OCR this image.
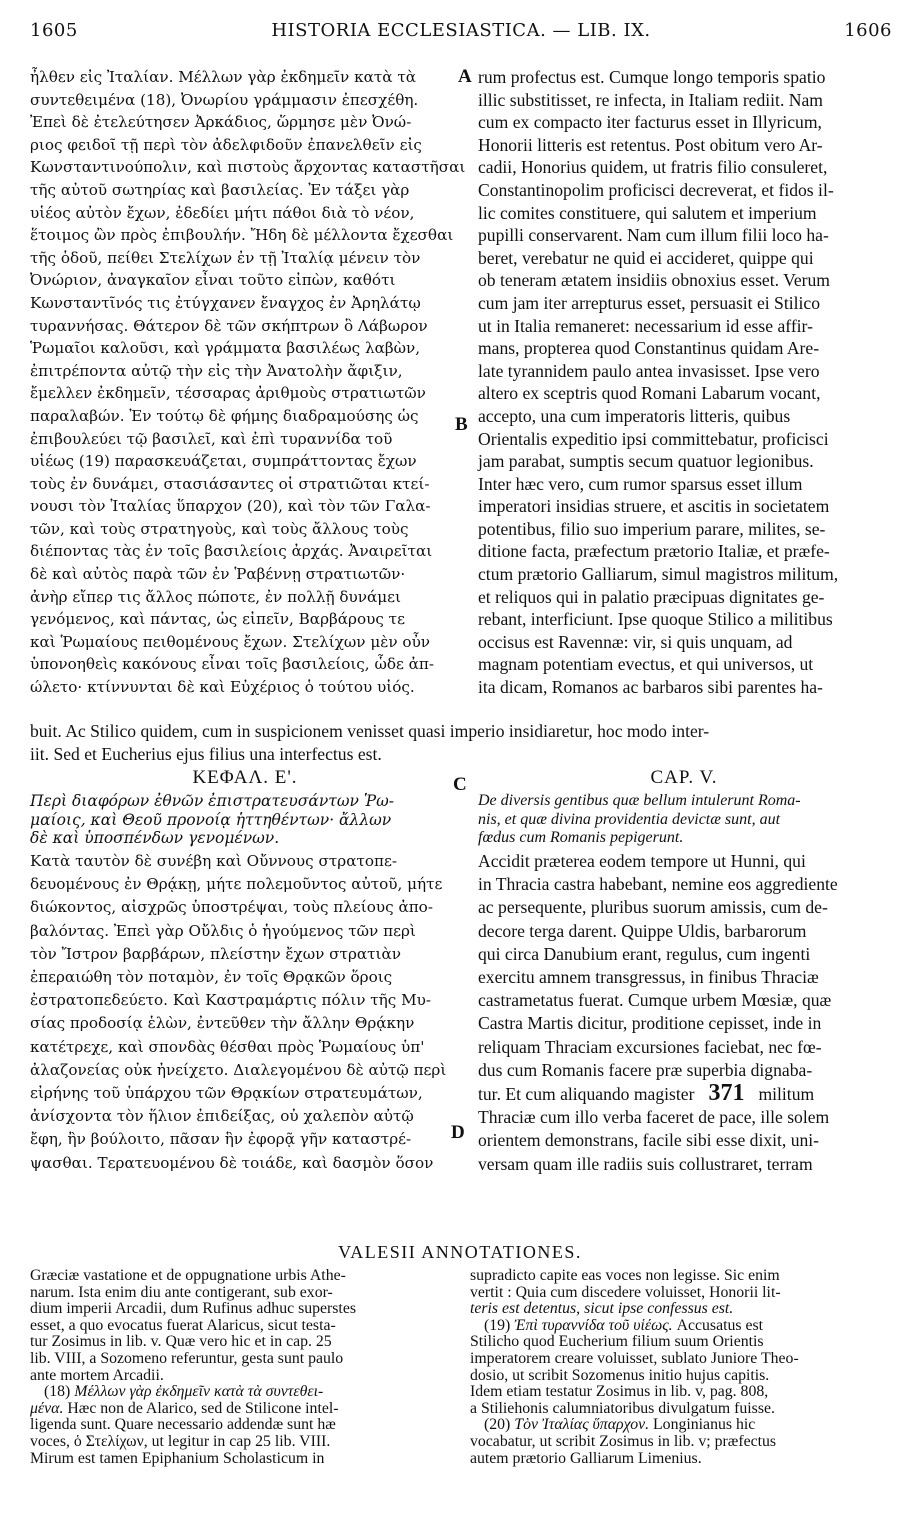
1605	HISTORIA ECCLESIASTICA. — LIB. IX.	1606
ἦλθεν εἰς Ἰταλίαν. Μέλλων γὰρ ἐκδημεῖν κατὰ τὰ
συντεθειμένα (18), Ὀνωρίου γράμμασιν ἐπεσχέθη.
Ἐπεὶ δὲ ἐτελεύτησεν Ἀρκάδιος, ὥρμησε μὲν Ὀνώ-
ριος φειδοῖ τῇ περὶ τὸν ἀδελφιδοῦν ἐπανελθεῖν εἰς
Κωνσταντινούπολιν, καὶ πιστοὺς ἄρχοντας καταστῆσαι
τῆς αὐτοῦ σωτηρίας καὶ βασιλείας. Ἐν τάξει γὰρ
υἱέος αὐτὸν ἔχων, ἐδεδίει μήτι πάθοι διὰ τὸ νέον,
ἕτοιμος ὢν πρὸς ἐπιβουλήν. Ἤδη δὲ μέλλοντα ἔχεσθαι
τῆς ὁδοῦ, πείθει Στελίχων ἐν τῇ Ἰταλίᾳ μένειν τὸν
Ὀνώριον, ἀναγκαῖον εἶναι τοῦτο εἰπὼν, καθότι
Κωνσταντῖνός τις ἐτύγχανεν ἔναγχος ἐν Ἀρηλάτῳ
τυραννήσας. Θάτερον δὲ τῶν σκήπτρων ὃ Λάβωρον
Ῥωμαῖοι καλοῦσι, καὶ γράμματα βασιλέως λαβὼν,
ἐπιτρέποντα αὐτῷ τὴν εἰς τὴν Ἀνατολὴν ἄφιξιν,
ἔμελλεν ἐκδημεῖν, τέσσαρας ἀριθμοὺς στρατιωτῶν
παραλαβών. Ἐν τούτῳ δὲ φήμης διαδραμούσης ὡς
ἐπιβουλεύει τῷ βασιλεῖ, καὶ ἐπὶ τυραννίδα τοῦ
υἱέως (19) παρασκευάζεται, συμπράττοντας ἔχων
τοὺς ἐν δυνάμει, στασιάσαντες οἱ στρατιῶται κτεί-
νουσι τὸν Ἰταλίας ὕπαρχον (20), καὶ τὸν τῶν Γαλα-
τῶν, καὶ τοὺς στρατηγοὺς, καὶ τοὺς ἄλλους τοὺς
διέποντας τὰς ἐν τοῖς βασιλείοις ἀρχάς. Ἀναιρεῖται
δὲ καὶ αὐτὸς παρὰ τῶν ἐν Ῥαβέννῃ στρατιωτῶν·
ἀνὴρ εἴπερ τις ἄλλος πώποτε, ἐν πολλῇ δυνάμει
γενόμενος, καὶ πάντας, ὡς εἰπεῖν, Βαρβάρους τε
καὶ Ῥωμαίους πειθομένους ἔχων. Στελίχων μὲν οὖν
ὑπονοηθεὶς κακόνους εἶναι τοῖς βασιλείοις, ὧδε ἀπ-
ώλετο· κτίννυνται δὲ καὶ Εὐχέριος ὁ τούτου υἱός.
rum profectus est. Cumque longo temporis spatio
illic substitisset, re infecta, in Italiam rediit. Nam
cum ex compacto iter facturus esset in Illyricum,
Honorii litteris est retentus. Post obitum vero Ar-
cadii, Honorius quidem, ut fratris filio consuleret,
Constantinopolim proficisci decreverat, et fidos il-
lic comites constituere, qui salutem et imperium
pupilli conservarent. Nam cum illum filii loco ha-
beret, verebatur ne quid ei accideret, quippe qui
ob teneram ætatem insidiis obnoxius esset. Verum
cum jam iter arrepturus esset, persuasit ei Stilico
ut in Italia remaneret: necessarium id esse affir-
mans, propterea quod Constantinus quidam Are-
late tyrannidem paulo antea invasisset. Ipse vero
altero ex sceptris quod Romani Labarum vocant,
accepto, una cum imperatoris litteris, quibus
Orientalis expeditio ipsi committebatur, proficisci
jam parabat, sumptis secum quatuor legionibus.
Inter hæc vero, cum rumor sparsus esset illum
imperatori insidias struere, et ascitis in societatem
potentibus, filio suo imperium parare, milites, se-
ditione facta, præfectum prætorio Italiæ, et præfe-
ctum prætorio Galliarum, simul magistros militum,
et reliquos qui in palatio præcipuas dignitates ge-
rebant, interficiunt. Ipse quoque Stilico a militibus
occisus est Ravennæ: vir, si quis unquam, ad
magnam potentiam evectus, et qui universos, ut
ita dicam, Romanos ac barbaros sibi parentes ha-
A
B
C
D
buit. Ac Stilico quidem, cum in suspicionem venisset quasi imperio insidiaretur, hoc modo inter-
iit. Sed et Eucherius ejus filius una interfectus est.
ΚΕΦΑΛ. Ε'.	CAP. V.
Περὶ διαφόρων ἐθνῶν ἐπιστρατευσάντων Ῥω-
μαίοις, καὶ Θεοῦ προνοίᾳ ἡττηθέντων· ἄλλων
δὲ καὶ ὑποσπένδων γενομένων.
De diversis gentibus quæ bellum intulerunt Roma-
nis, et quæ divina providentia devictæ sunt, aut
fœdus cum Romanis pepigerunt.
Κατὰ ταυτὸν δὲ συνέβη καὶ Οὔννους στρατοπε-
δευομένους ἐν Θρᾴκῃ, μήτε πολεμοῦντος αὐτοῦ, μήτε
διώκοντος, αἰσχρῶς ὑποστρέψαι, τοὺς πλείους ἀπο-
βαλόντας. Ἐπεὶ γὰρ Οὔλδις ὁ ἡγούμενος τῶν περὶ
τὸν Ἴστρον βαρβάρων, πλείστην ἔχων στρατιὰν
ἐπεραιώθη τὸν ποταμὸν, ἐν τοῖς Θρᾳκῶν ὅροις
ἐστρατοπεδεύετο. Καὶ Καστραμάρτις πόλιν τῆς Μυ-
σίας προδοσίᾳ ἑλὼν, ἐντεῦθεν τὴν ἄλλην Θρᾴκην
κατέτρεχε, καὶ σπονδὰς θέσθαι πρὸς Ῥωμαίους ὑπ'
ἀλαζονείας οὐκ ἠνείχετο. Διαλεγομένου δὲ αὐτῷ περὶ
εἰρήνης τοῦ ὑπάρχου τῶν Θρᾳκίων στρατευμάτων,
ἀνίσχοντα τὸν ἥλιον ἐπιδείξας, οὐ χαλεπὸν αὐτῷ
ἔφη, ἢν βούλοιτο, πᾶσαν ἣν ἐφορᾷ γῆν καταστρέ-
ψασθαι. Τερατευομένου δὲ τοιάδε, καὶ δασμὸν ὅσον
Accidit præterea eodem tempore ut Hunni, qui
in Thracia castra habebant, nemine eos aggrediente
ac persequente, pluribus suorum amissis, cum de-
decore terga darent. Quippe Uldis, barbarorum
qui circa Danubium erant, regulus, cum ingenti
exercitu amnem transgressus, in finibus Thraciæ
castrametatus fuerat. Cumque urbem Mœsiæ, quæ
Castra Martis dicitur, proditione cepisset, inde in
reliquam Thraciam excursiones faciebat, nec fœ-
dus cum Romanis facere præ superbia dignaba-
tur. Et cum aliquando magister 371 militum
Thraciæ cum illo verba faceret de pace, ille solem
orientem demonstrans, facile sibi esse dixit, uni-
versam quam ille radiis suis collustraret, terram
VALESII ANNOTATIONES.
Græciæ vastatione et de oppugnatione urbis Athe-
narum. Ista enim diu ante contigerant, sub exor-
dium imperii Arcadii, dum Rufinus adhuc superstes
esset, a quo evocatus fuerat Alaricus, sicut testa-
tur Zosimus in lib. v. Quæ vero hic et in cap. 25
lib. VIII, a Sozomeno referuntur, gesta sunt paulo
ante mortem Arcadii.
(18) Μέλλων γὰρ ἐκδημεῖν κατὰ τὰ συντεθει-
μένα. Hæc non de Alarico, sed de Stilicone intel-
ligenda sunt. Quare necessario addendæ sunt hæ
voces, ὁ Στελίχων, ut legitur in cap 25 lib. VIII.
Mirum est tamen Epiphanium Scholasticum in
supradicto capite eas voces non legisse. Sic enim
vertit : Quia cum discedere voluisset, Honorii lit-
teris est detentus, sicut ipse confessus est.
(19) Ἐπὶ τυραννίδα τοῦ υἱέως. Accusatus est
Stilicho quod Eucherium filium suum Orientis
imperatorem creare voluisset, sublato Juniore Theo-
dosio, ut scribit Sozomenus initio hujus capitis.
Idem etiam testatur Zosimus in lib. v, pag. 808,
a Stiliehonis calumniatoribus divulgatum fuisse.
(20) Τὸν Ἰταλίας ὕπαρχον. Longinianus hic
vocabatur, ut scribit Zosimus in lib. v; præfectus
autem prætorio Galliarum Limenius.
